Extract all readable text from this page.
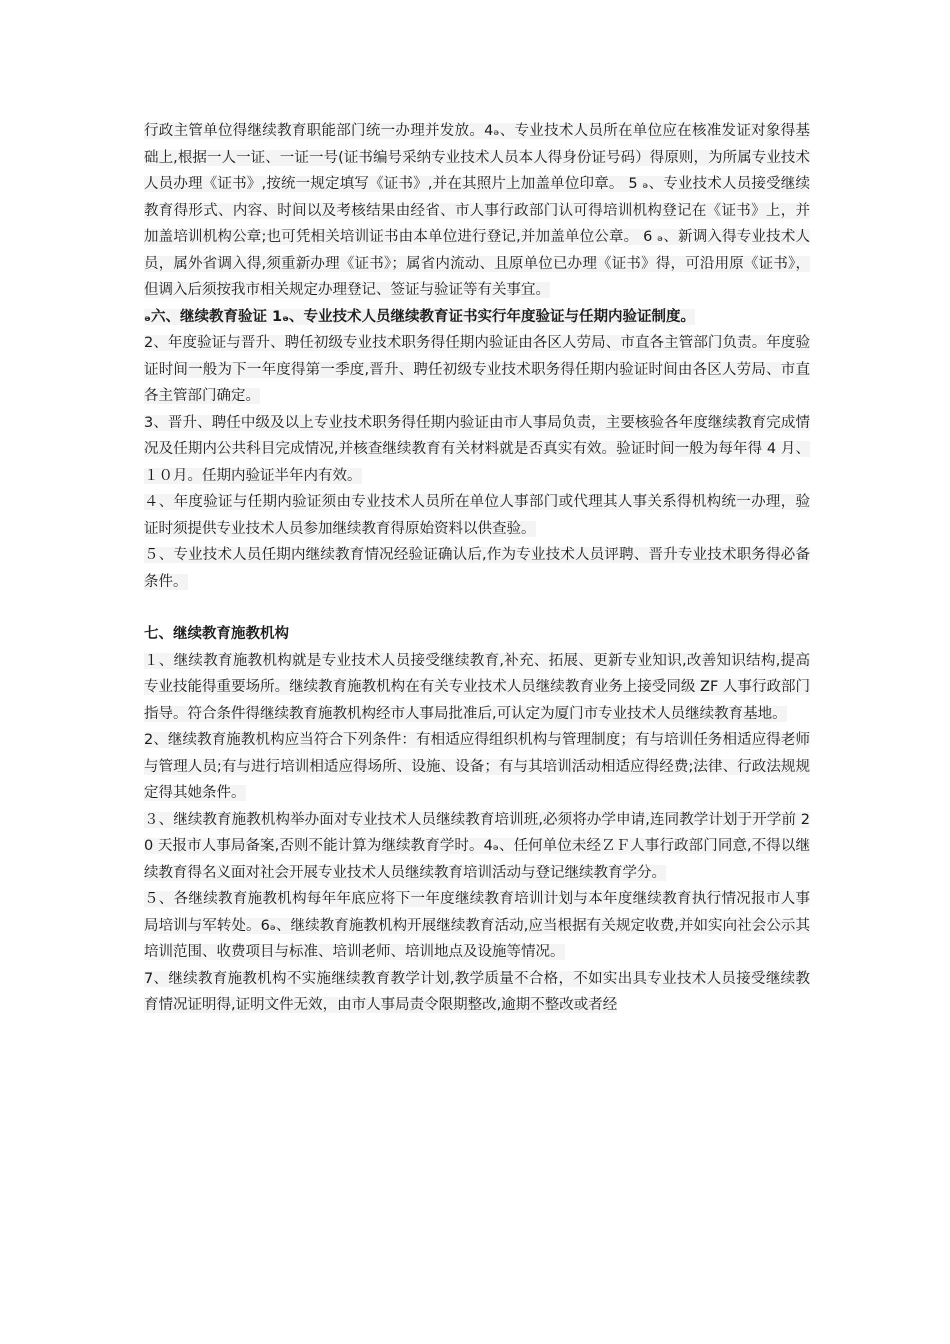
行政主管单位得继续教育职能部门统一办理并发放。4ₔ、专业技术人员所在单位应在核准发证对象得基础上,根据一人一证、一证一号(证书编号采纳专业技术人员本人得身份证号码）得原则，为所属专业技术人员办理《证书》,按统一规定填写《证书》,并在其照片上加盖单位印章。 5 ₔ、专业技术人员接受继续教育得形式、内容、时间以及考核结果由经省、市人事行政部门认可得培训机构登记在《证书》上，并加盖培训机构公章;也可凭相关培训证书由本单位进行登记,并加盖单位公章。 6 ₔ、新调入得专业技术人员，属外省调入得,须重新办理《证书》；属省内流动、且原单位已办理《证书》得，可沿用原《证书》，但调入后须按我市相关规定办理登记、签证与验证等有关事宜。

ₔ六、继续教育验证 1ₔ、专业技术人员继续教育证书实行年度验证与任期内验证制度。

2、年度验证与晋升、聘任初级专业技术职务得任期内验证由各区人劳局、市直各主管部门负责。年度验证时间一般为下一年度得第一季度,晋升、聘任初级专业技术职务得任期内验证时间由各区人劳局、市直各主管部门确定。

3、晋升、聘任中级及以上专业技术职务得任期内验证由市人事局负责，主要核验各年度继续教育完成情况及任期内公共科目完成情况,并核查继续教育有关材料就是否真实有效。验证时间一般为每年得 4 月、１０月。任期内验证半年内有效。

４、年度验证与任期内验证须由专业技术人员所在单位人事部门或代理其人事关系得机构统一办理，验证时须提供专业技术人员参加继续教育得原始资料以供查验。

５、专业技术人员任期内继续教育情况经验证确认后,作为专业技术人员评聘、晋升专业技术职务得必备条件。

七、继续教育施教机构

１、继续教育施教机构就是专业技术人员接受继续教育,补充、拓展、更新专业知识,改善知识结构,提高专业技能得重要场所。继续教育施教机构在有关专业技术人员继续教育业务上接受同级 ZF 人事行政部门指导。符合条件得继续教育施教机构经市人事局批准后,可认定为厦门市专业技术人员继续教育基地。

2、继续教育施教机构应当符合下列条件：有相适应得组织机构与管理制度；有与培训任务相适应得老师与管理人员;有与进行培训相适应得场所、设施、设备；有与其培训活动相适应得经费;法律、行政法规规定得其她条件。

３、继续教育施教机构举办面对专业技术人员继续教育培训班,必须将办学申请,连同教学计划于开学前 20 天报市人事局备案,否则不能计算为继续教育学时。4ₔ、任何单位未经ＺＦ人事行政部门同意,不得以继续教育得名义面对社会开展专业技术人员继续教育培训活动与登记继续教育学分。

５、各继续教育施教机构每年年底应将下一年度继续教育培训计划与本年度继续教育执行情况报市人事局培训与军转处。6ₔ、继续教育施教机构开展继续教育活动,应当根据有关规定收费,并如实向社会公示其培训范围、收费项目与标准、培训老师、培训地点及设施等情况。

7、继续教育施教机构不实施继续教育教学计划,教学质量不合格，不如实出具专业技术人员接受继续教育情况证明得,证明文件无效，由市人事局责令限期整改,逾期不整改或者经
